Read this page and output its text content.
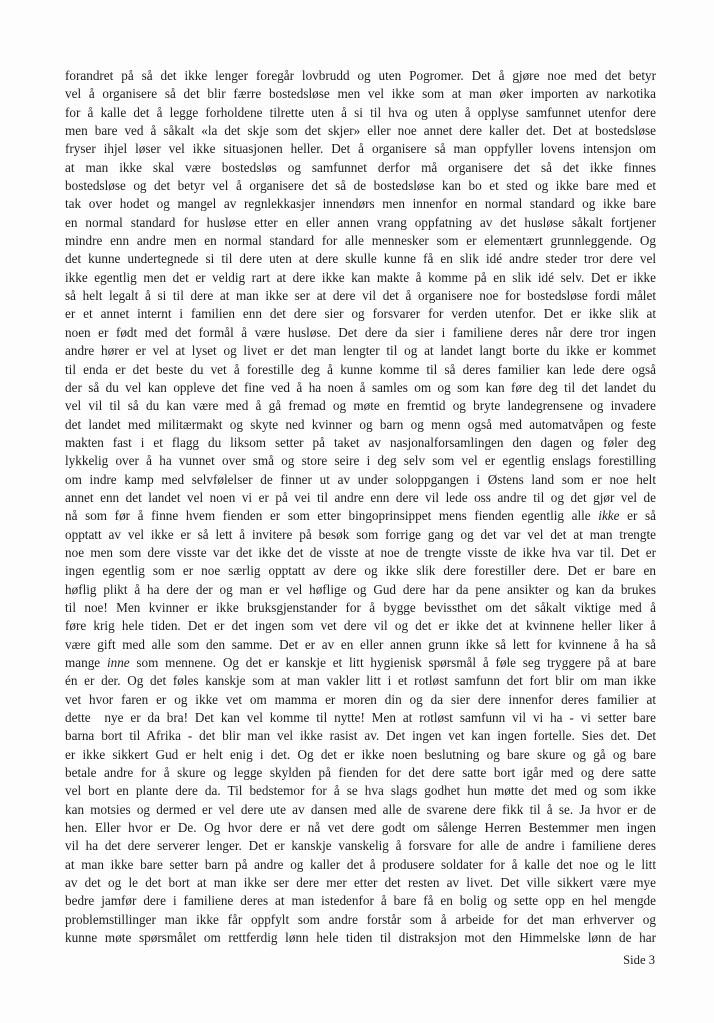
forandret på så det ikke lenger foregår lovbrudd og uten Pogromer. Det å gjøre noe med det betyr
vel å organisere så det blir færre bostedsløse men vel ikke som at man øker importen av narkotika
for å kalle det å legge forholdene tilrette uten å si til hva og uten å opplyse samfunnet utenfor dere
men bare ved å såkalt «la det skje som det skjer» eller noe annet dere kaller det. Det at bostedsløse
fryser ihjel løser vel ikke situasjonen heller. Det å organisere så man oppfyller lovens intensjon om
at man ikke skal være bostedsløs og samfunnet derfor må organisere det så det ikke finnes
bostedsløse og det betyr vel å organisere det så de bostedsløse kan bo et sted og ikke bare med et
tak over hodet og mangel av regnlekkasjer innendørs men innenfor en normal standard og ikke bare
en normal standard for husløse etter en eller annen vrang oppfatning av det husløse såkalt fortjener
mindre enn andre men en normal standard for alle mennesker som er elementært grunnleggende. Og
det kunne undertegnede si til dere uten at dere skulle kunne få en slik idé andre steder tror dere vel
ikke egentlig men det er veldig rart at dere ikke kan makte å komme på en slik idé selv. Det er ikke
så helt legalt å si til dere at man ikke ser at dere vil det å organisere noe for bostedsløse fordi målet
er et annet internt i familien enn det dere sier og forsvarer for verden utenfor. Det er ikke slik at
noen er født med det formål å være husløse. Det dere da sier i familiene deres når dere tror ingen
andre hører er vel at lyset og livet er det man lengter til og at landet langt borte du ikke er kommet
til enda er det beste du vet å forestille deg å kunne komme til så deres familier kan lede dere også
der så du vel kan oppleve det fine ved å ha noen å samles om og som kan føre deg til det landet du
vel vil til så du kan være med å gå fremad og møte en fremtid og bryte landegrensene og invadere
det landet med militærmakt og skyte ned kvinner og barn og menn også med automatvåpen og feste
makten fast i et flagg du liksom setter på taket av nasjonalforsamlingen den dagen og føler deg
lykkelig over å ha vunnet over små og store seire i deg selv som vel er egentlig enslags forestilling
om indre kamp med selvfølelser de finner ut av under soloppgangen i Østens land som er noe helt
annet enn det landet vel noen vi er på vei til andre enn dere vil lede oss andre til og det gjør vel de
nå som før å finne hvem fienden er som etter bingoprinsippet mens fienden egentlig alle ikke er så
opptatt av vel ikke er så lett å invitere på besøk som forrige gang og det var vel det at man trengte
noe men som dere visste var det ikke det de visste at noe de trengte visste de ikke hva var til. Det er
ingen egentlig som er noe særlig opptatt av dere og ikke slik dere forestiller dere. Det er bare en
høflig plikt å ha dere der og man er vel høflige og Gud dere har da pene ansikter og kan da brukes
til noe! Men kvinner er ikke bruksgjenstander for å bygge bevissthet om det såkalt viktige med å
føre krig hele tiden. Det er det ingen som vet dere vil og det er ikke det at kvinnene heller liker å
være gift med alle som den samme. Det er av en eller annen grunn ikke så lett for kvinnene å ha så
mange inne som mennene. Og det er kanskje et litt hygienisk spørsmål å føle seg tryggere på at bare
én er der. Og det føles kanskje som at man vakler litt i et rotløst samfunn det fort blir om man ikke
vet hvor faren er og ikke vet om mamma er moren din og da sier dere innenfor deres familier at
dette  nye er da bra! Det kan vel komme til nytte! Men at rotløst samfunn vil vi ha - vi setter bare
barna bort til Afrika - det blir man vel ikke rasist av. Det ingen vet kan ingen fortelle. Sies det. Det
er ikke sikkert Gud er helt enig i det. Og det er ikke noen beslutning og bare skure og gå og bare
betale andre for å skure og legge skylden på fienden for det dere satte bort igår med og dere satte
vel bort en plante dere da. Til bedstemor for å se hva slags godhet hun møtte det med og som ikke
kan motsies og dermed er vel dere ute av dansen med alle de svarene dere fikk til å se. Ja hvor er de
hen. Eller hvor er De. Og hvor dere er nå vet dere godt om sålenge Herren Bestemmer men ingen
vil ha det dere serverer lenger. Det er kanskje vanskelig å forsvare for alle de andre i familiene deres
at man ikke bare setter barn på andre og kaller det å produsere soldater for å kalle det noe og le litt
av det og le det bort at man ikke ser dere mer etter det resten av livet. Det ville sikkert være mye
bedre jamfør dere i familiene deres at man istedenfor å bare få en bolig og sette opp en hel mengde
problemstillinger man ikke får oppfylt som andre forstår som å arbeide for det man erhverver og
kunne møte spørsmålet om rettferdig lønn hele tiden til distraksjon mot den Himmelske lønn de har
Side 3
